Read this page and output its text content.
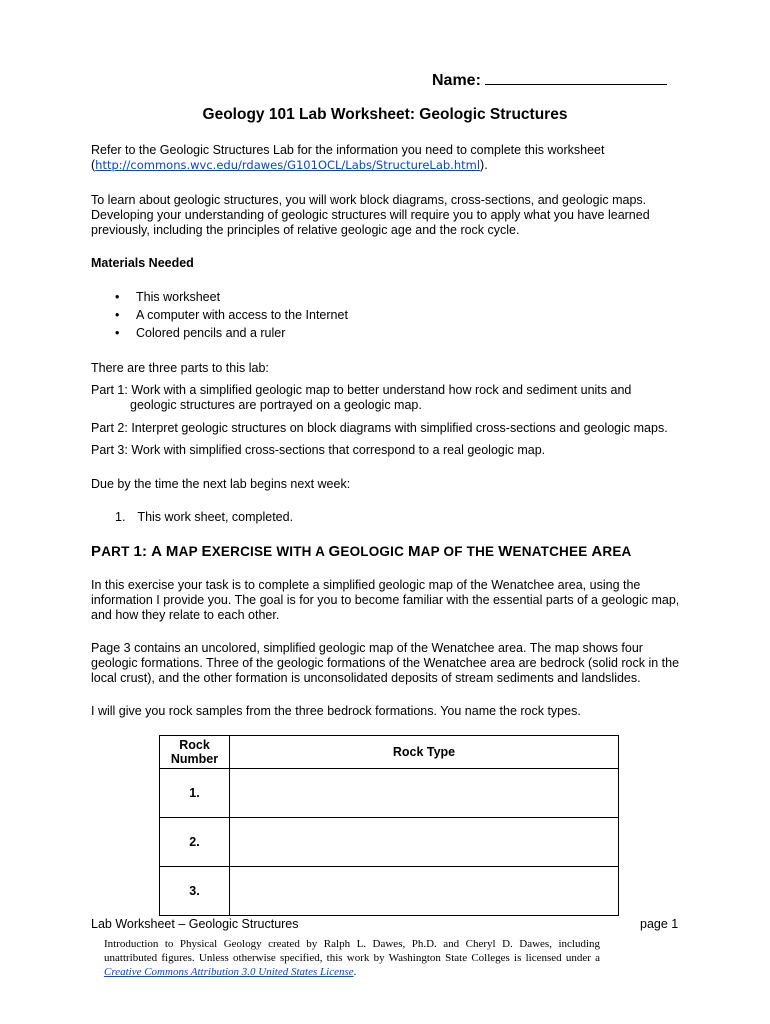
Name:
Geology 101 Lab Worksheet: Geologic Structures
Refer to the Geologic Structures Lab for the information you need to complete this worksheet
(http://commons.wvc.edu/rdawes/G101OCL/Labs/StructureLab.html).
To learn about geologic structures, you will work block diagrams, cross-sections, and geologic maps. Developing your understanding of geologic structures will require you to apply what you have learned previously, including the principles of relative geologic age and the rock cycle.
Materials Needed
• This worksheet
• A computer with access to the Internet
• Colored pencils and a ruler
There are three parts to this lab:
Part 1: Work with a simplified geologic map to better understand how rock and sediment units and
geologic structures are portrayed on a geologic map.
Part 2: Interpret geologic structures on block diagrams with simplified cross-sections and geologic maps.
Part 3: Work with simplified cross-sections that correspond to a real geologic map.
Due by the time the next lab begins next week:
1. This work sheet, completed.
PART 1: A MAP EXERCISE WITH A GEOLOGIC MAP OF THE WENATCHEE AREA
In this exercise your task is to complete a simplified geologic map of the Wenatchee area, using the information I provide you. The goal is for you to become familiar with the essential parts of a geologic map, and how they relate to each other.
Page 3 contains an uncolored, simplified geologic map of the Wenatchee area. The map shows four geologic formations. Three of the geologic formations of the Wenatchee area are bedrock (solid rock in the local crust), and the other formation is unconsolidated deposits of stream sediments and landslides.
I will give you rock samples from the three bedrock formations. You name the rock types.
Rock
Number	Rock Type
1.	
2.	
3.	
Lab Worksheet – Geologic Structures	page 1
Introduction to Physical Geology created by Ralph L. Dawes, Ph.D. and Cheryl D. Dawes, including unattributed figures. Unless otherwise specified, this work by Washington State Colleges is licensed under a Creative Commons Attribution 3.0 United States License.
